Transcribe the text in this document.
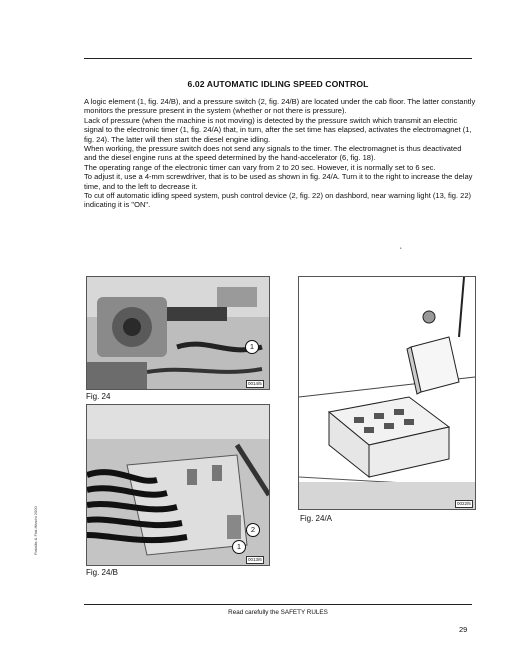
6.02 AUTOMATIC IDLING SPEED CONTROL

A logic element (1, fig. 24/B), and a pressure switch (2, fig. 24/B) are located under the cab floor. The latter constantly monitors the pressure present in the system (whether or not there is pressure).

Lack of pressure (when the machine is not moving) is detected by the pressure switch which transmit an electric signal to the electronic timer (1, fig. 24/A) that, in turn, after the set time has elapsed, activates the electromagnet (1, fig. 24). The latter will then start the diesel engine idling.

When working, the pressure switch does not send any signals to the timer. The electromagnet is thus deactivated and the diesel engine runs at the speed determined by the hand-accelerator (6, fig. 18).

The operating range of the electronic timer can vary from 2 to 20 sec. However, it is normally set to 6 sec.

To adjust it, use a 4-mm screwdriver, that is to be used as shown in fig. 24/A. Turn it to the right to increase the delay time, and to the left to decrease it.

To cut off automatic idling speed system, push control device (2, fig. 22) on dashbord, near warning light (13, fig. 22) indicating it is "ON".

ʻ
1
0014/5
Fig. 24
2
1
0013/6
Fig. 24/B
0022/5
Fig. 24/A
Fiatallis & Fiat-Hitachi 2000
Read carefully the SAFETY RULES
29
